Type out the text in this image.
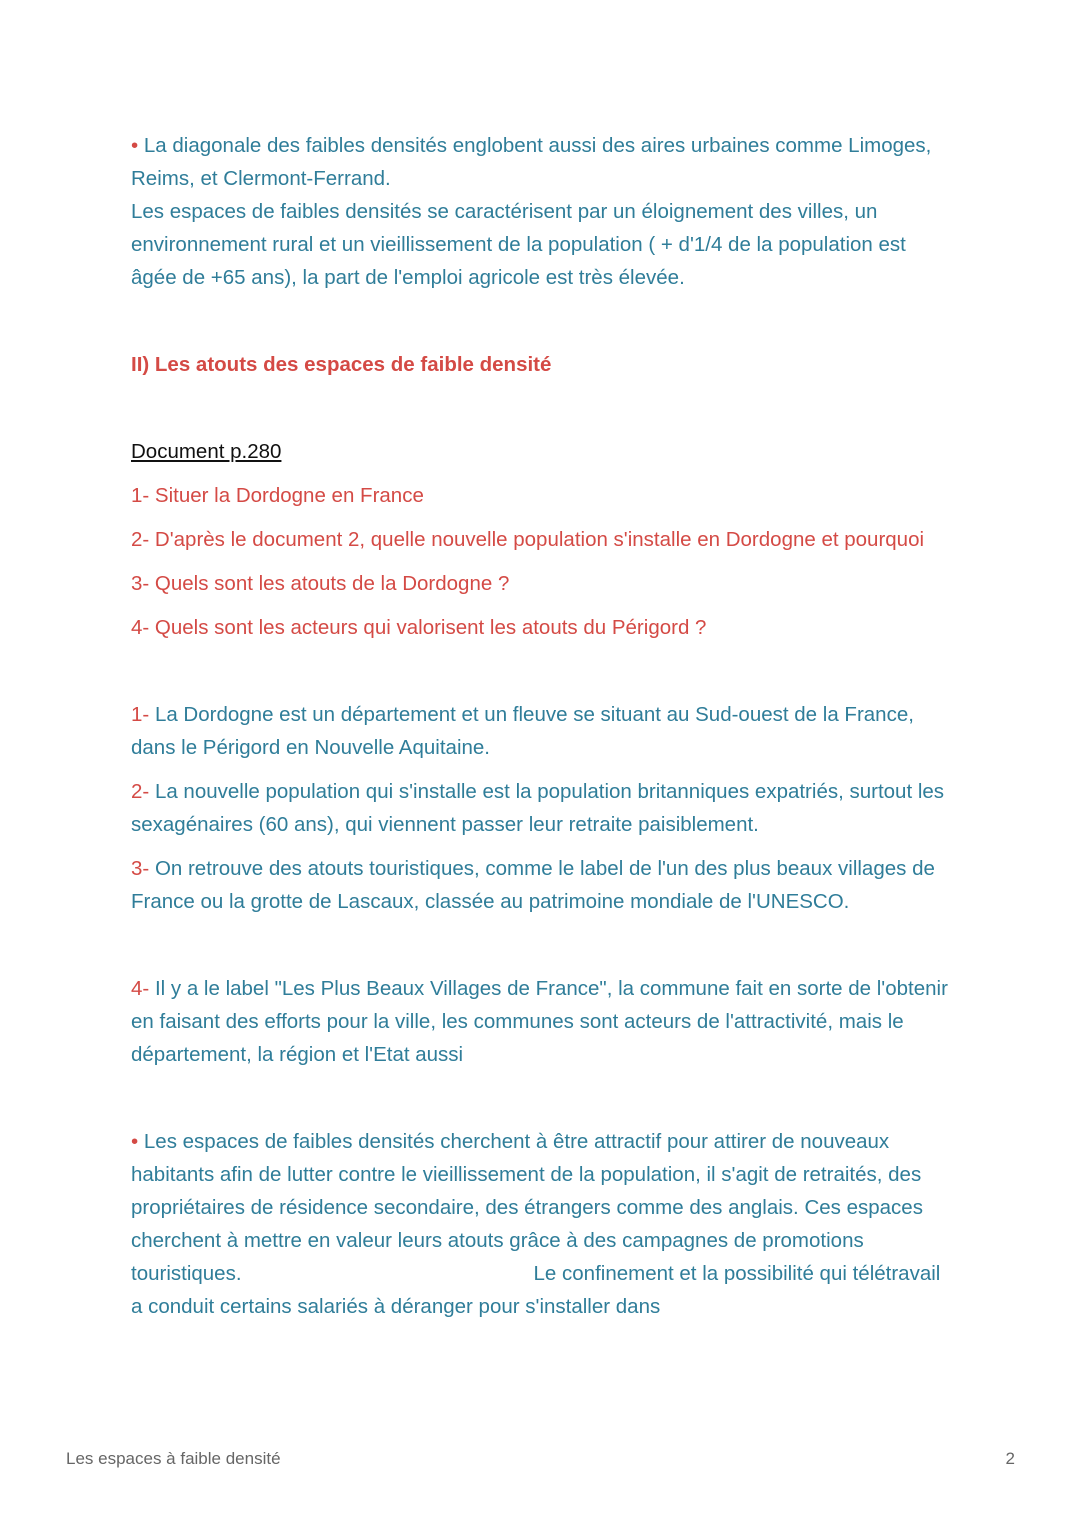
• La diagonale des faibles densités englobent aussi des aires urbaines comme Limoges, Reims, et Clermont-Ferrand.

Les espaces de faibles densités se caractérisent par un éloignement des villes, un environnement rural et un vieillissement de la population ( + d'1/4 de la population est âgée de +65 ans), la part de l'emploi agricole est très élevée.

II) Les atouts des espaces de faible densité

Document p.280

1- Situer la Dordogne en France

2- D'après le document 2, quelle nouvelle population s'installe en Dordogne et pourquoi

3- Quels sont les atouts de la Dordogne ?

4- Quels sont les acteurs qui valorisent les atouts du Périgord ?

1- La Dordogne est un département et un fleuve se situant au Sud-ouest de la France, dans le Périgord en Nouvelle Aquitaine.

2- La nouvelle population qui s'installe est la population britanniques expatriés, surtout les sexagénaires (60 ans), qui viennent passer leur retraite paisiblement.

3- On retrouve des atouts touristiques, comme le label de l'un des plus beaux villages de France ou la grotte de Lascaux, classée au patrimoine mondiale de l'UNESCO.

4- Il y a le label "Les Plus Beaux Villages de France", la commune fait en sorte de l'obtenir en faisant des efforts pour la ville, les communes sont acteurs de l'attractivité, mais le département, la région et l'Etat aussi

• Les espaces de faibles densités cherchent à être attractif pour attirer de nouveaux habitants afin de lutter contre le vieillissement de la population, il s'agit de retraités, des propriétaires de résidence secondaire, des étrangers comme des anglais. Ces espaces cherchent à mettre en valeur leurs atouts grâce à des campagnes de promotions touristiques.	Le confinement et la possibilité qui télétravail a conduit certains salariés à déranger pour s'installer dans

Les espaces à faible densité	2
